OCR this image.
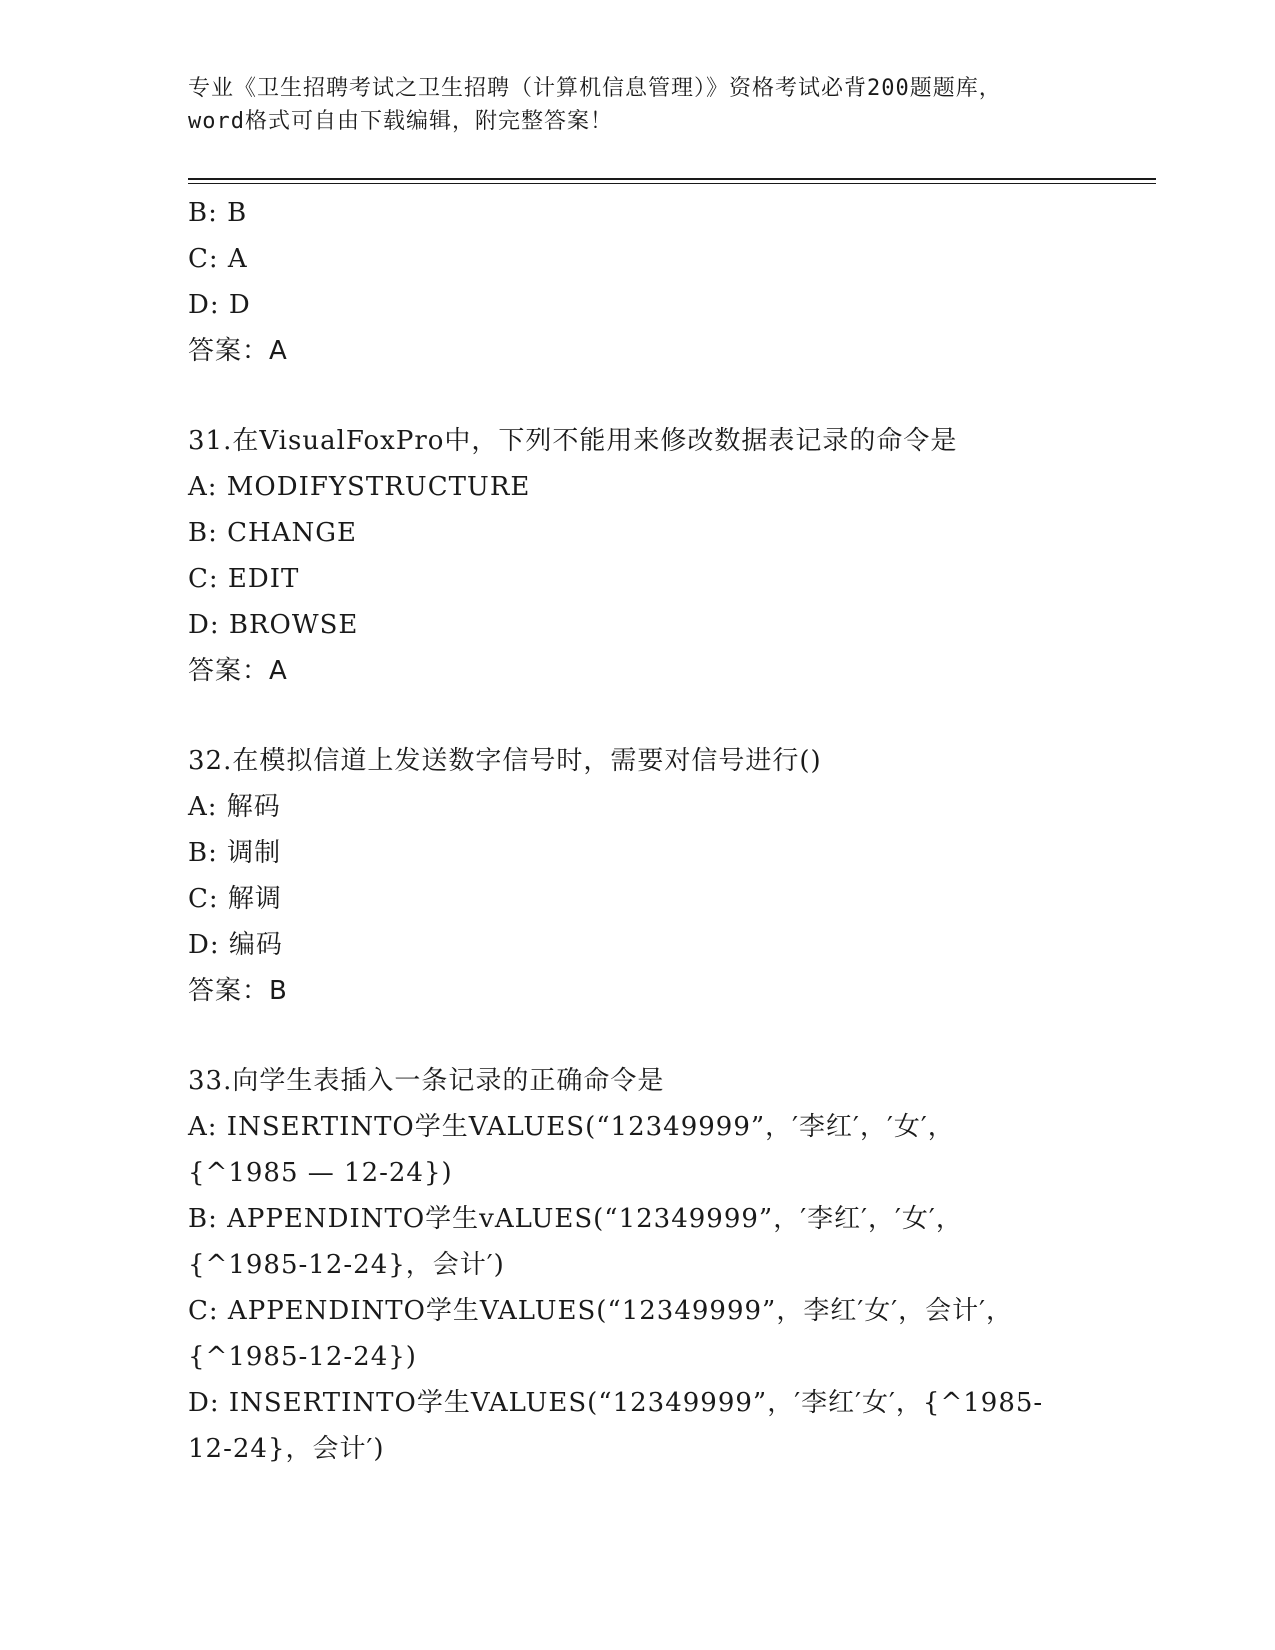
专业《卫生招聘考试之卫生招聘（计算机信息管理）》资格考试必背200题题库，
word格式可自由下载编辑，附完整答案！
B: B
C: A
D: D
答案：A
31.在VisualFoxPro中，下列不能用来修改数据表记录的命令是
A: MODIFYSTRUCTURE
B: CHANGE
C: EDIT
D: BROWSE
答案：A
32.在模拟信道上发送数字信号时，需要对信号进行()
A: 解码
B: 调制
C: 解调
D: 编码
答案：B
33.向学生表插入一条记录的正确命令是
A: INSERTINTO学生VALUES(“12349999”，′李红′，′女′，
{^1985 — 12-24})
B: APPENDINTO学生vALUES(“12349999”，′李红′，′女′，
{^1985-12-24}，会计′)
C: APPENDINTO学生VALUES(“12349999”，李红′女′，会计′，
{^1985-12-24})
D: INSERTINTO学生VALUES(“12349999”，′李红′女′，{^1985-
12-24}，会计′)
